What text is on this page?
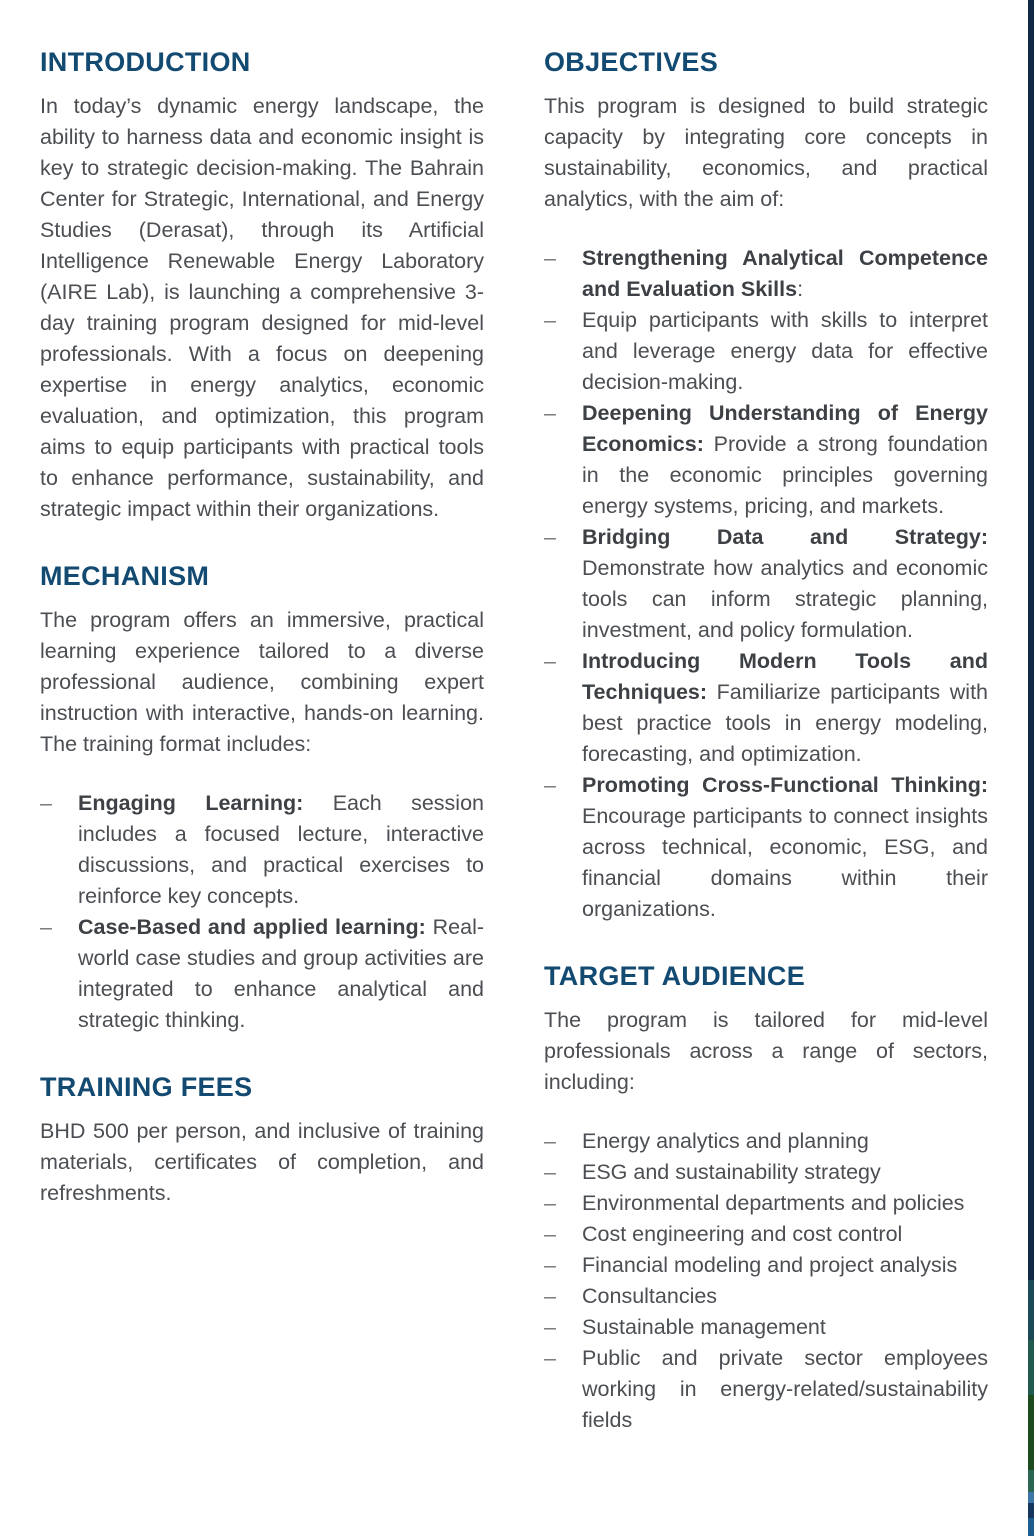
INTRODUCTION

In today’s dynamic energy landscape, the ability to harness data and economic insight is key to strategic decision-making. The Bahrain Center for Strategic, International, and Energy Studies (Derasat), through its Artificial Intelligence Renewable Energy Laboratory (AIRE Lab), is launching a comprehensive 3-day training program designed for mid-level professionals. With a focus on deepening expertise in energy analytics, economic evaluation, and optimization, this program aims to equip participants with practical tools to enhance performance, sustainability, and strategic impact within their organizations.

MECHANISM

The program offers an immersive, practical learning experience tailored to a diverse professional audience, combining expert instruction with interactive, hands-on learning. The training format includes:

–	Engaging Learning: Each session includes a focused lecture, interactive discussions, and practical exercises to reinforce key concepts.
–	Case-Based and applied learning: Real-world case studies and group activities are integrated to enhance analytical and strategic thinking.
TRAINING FEES

BHD 500 per person, and inclusive of training materials, certificates of completion, and refreshments.

OBJECTIVES

This program is designed to build strategic capacity by integrating core concepts in sustainability, economics, and practical analytics, with the aim of:

–	Strengthening Analytical Competence and Evaluation Skills:
–	Equip participants with skills to interpret and leverage energy data for effective decision-making.
–	Deepening Understanding of Energy Economics: Provide a strong foundation in the economic principles governing energy systems, pricing, and markets.
–	Bridging Data and Strategy: Demonstrate how analytics and economic tools can inform strategic planning, investment, and policy formulation.
–	Introducing Modern Tools and Techniques: Familiarize participants with best practice tools in energy modeling, forecasting, and optimization.
–	Promoting Cross-Functional Thinking: Encourage participants to connect insights across technical, economic, ESG, and financial domains within their organizations.
TARGET AUDIENCE

The program is tailored for mid-level professionals across a range of sectors, including:

–	Energy analytics and planning
–	ESG and sustainability strategy
–	Environmental departments and policies
–	Cost engineering and cost control
–	Financial modeling and project analysis
–	Consultancies
–	Sustainable management
–	Public and private sector employees working in energy-related/sustainability fields
